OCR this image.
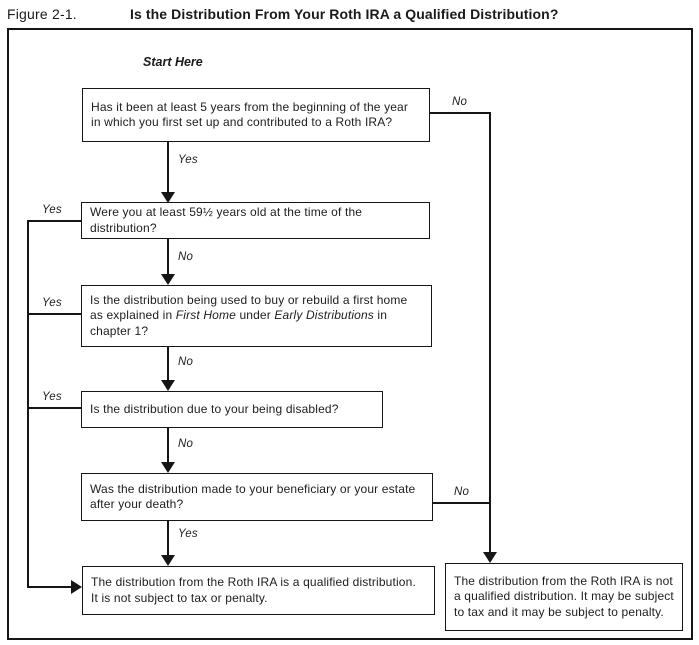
Figure 2-1.	Is the Distribution From Your Roth IRA a Qualified Distribution?
Start Here
Has it been at least 5 years from the beginning of the year in which you first set up and contributed to a Roth IRA?
Were you at least 59½ years old at the time of the distribution?
Is the distribution being used to buy or rebuild a first home as explained in First Home under Early Distributions in chapter 1?
Is the distribution due to your being disabled?
Was the distribution made to your beneficiary or your estate after your death?
The distribution from the Roth IRA is a qualified distribution. It is not subject to tax or penalty.
The distribution from the Roth IRA is not a qualified distribution. It may be subject to tax and it may be subject to penalty.
Yes
No
No
No
Yes
No
No
Yes
Yes
Yes
